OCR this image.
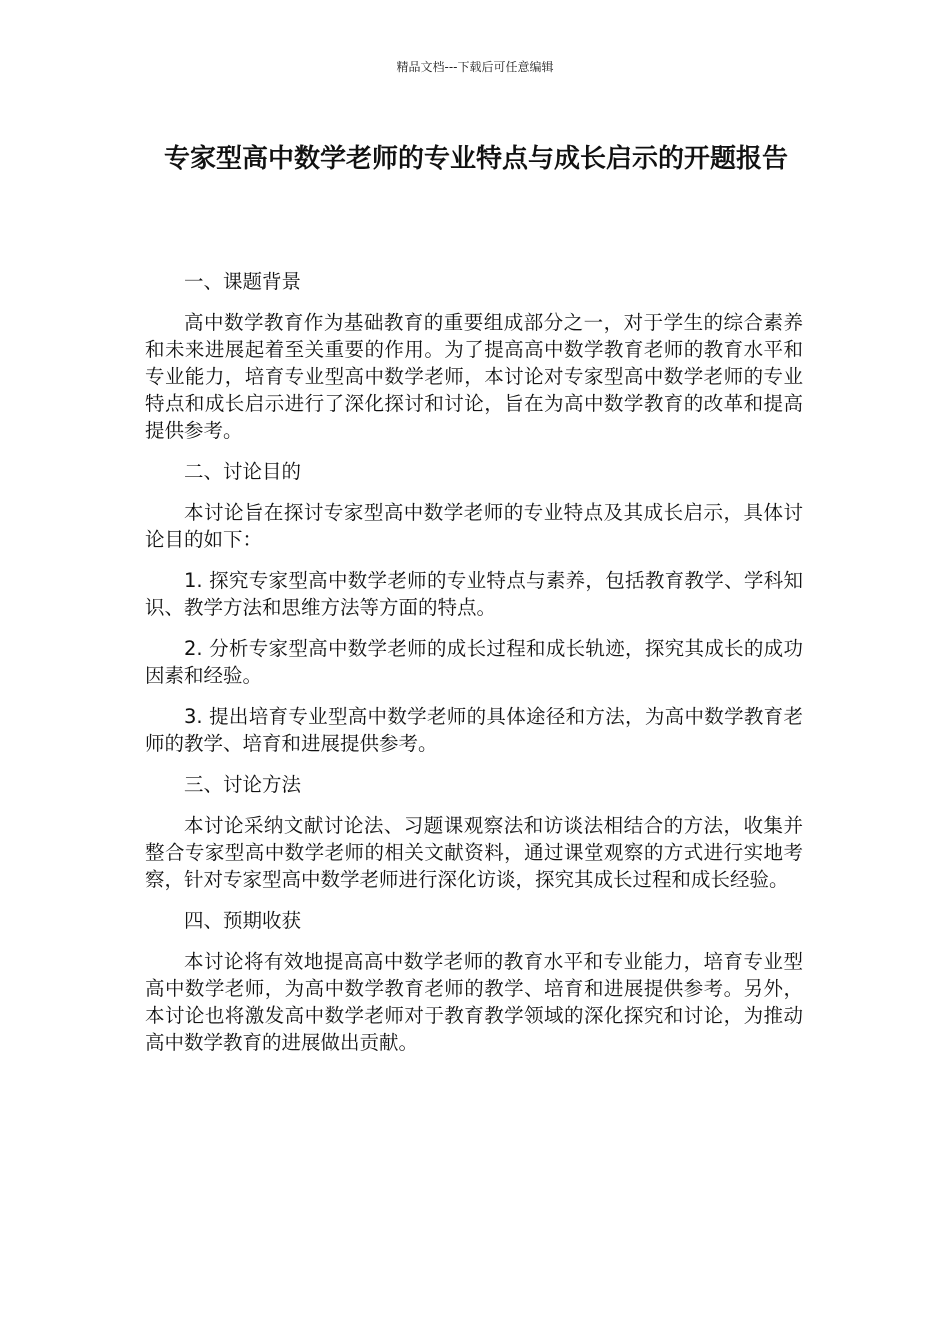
精品文档---下载后可任意编辑
专家型高中数学老师的专业特点与成长启示的开题报告

一、课题背景

高中数学教育作为基础教育的重要组成部分之一，对于学生的综合素养和未来进展起着至关重要的作用。为了提高高中数学教育老师的教育水平和专业能力，培育专业型高中数学老师，本讨论对专家型高中数学老师的专业特点和成长启示进行了深化探讨和讨论，旨在为高中数学教育的改革和提高提供参考。

二、讨论目的

本讨论旨在探讨专家型高中数学老师的专业特点及其成长启示，具体讨论目的如下：

1. 探究专家型高中数学老师的专业特点与素养，包括教育教学、学科知识、教学方法和思维方法等方面的特点。

2. 分析专家型高中数学老师的成长过程和成长轨迹，探究其成长的成功因素和经验。

3. 提出培育专业型高中数学老师的具体途径和方法，为高中数学教育老师的教学、培育和进展提供参考。

三、讨论方法

本讨论采纳文献讨论法、习题课观察法和访谈法相结合的方法，收集并整合专家型高中数学老师的相关文献资料，通过课堂观察的方式进行实地考察，针对专家型高中数学老师进行深化访谈，探究其成长过程和成长经验。

四、预期收获

本讨论将有效地提高高中数学老师的教育水平和专业能力，培育专业型高中数学老师，为高中数学教育老师的教学、培育和进展提供参考。另外，本讨论也将激发高中数学老师对于教育教学领域的深化探究和讨论，为推动高中数学教育的进展做出贡献。
